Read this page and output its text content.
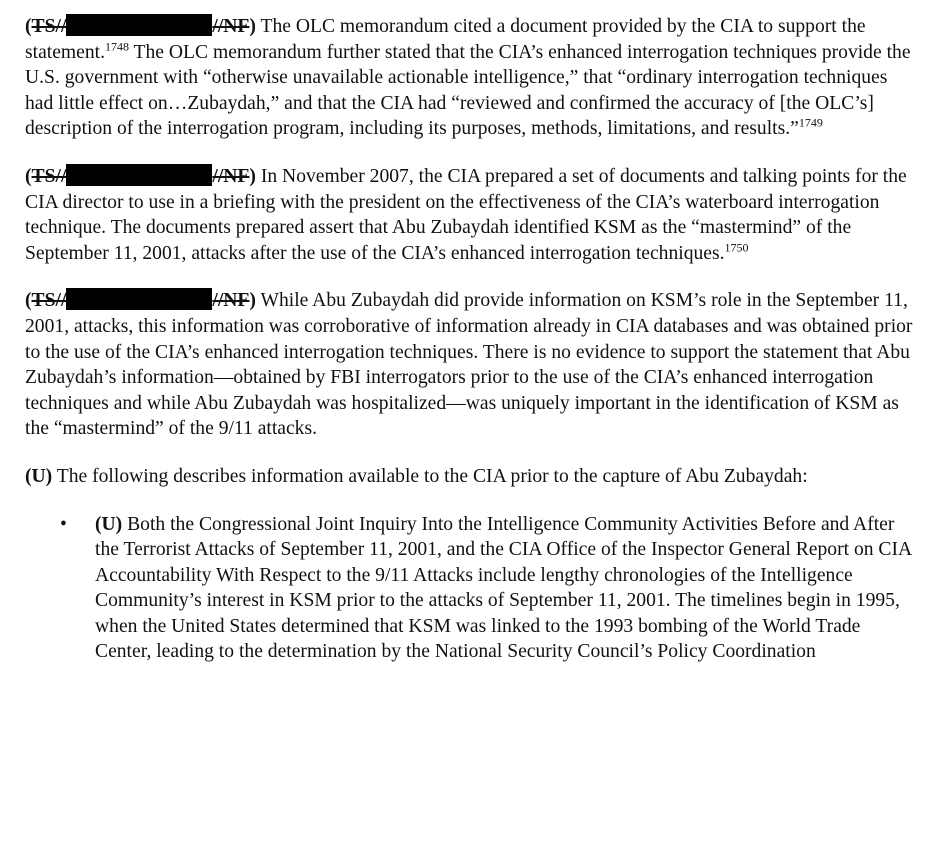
(TS//	//NF) The OLC memorandum cited a document provided by the CIA to support the statement.$^{1748}$ The OLC memorandum further stated that the CIA’s enhanced interrogation techniques provide the U.S. government with “otherwise unavailable actionable intelligence,” that “ordinary interrogation techniques had little effect on…Zubaydah,” and that the CIA had “reviewed and confirmed the accuracy of [the OLC’s] description of the interrogation program, including its purposes, methods, limitations, and results.”$^{1749}$

(TS//	//NF) In November 2007, the CIA prepared a set of documents and talking points for the CIA director to use in a briefing with the president on the effectiveness of the CIA’s waterboard interrogation technique. The documents prepared assert that Abu Zubaydah identified KSM as the “mastermind” of the September 11, 2001, attacks after the use of the CIA’s enhanced interrogation techniques.$^{1750}$

(TS//	//NF) While Abu Zubaydah did provide information on KSM’s role in the September 11, 2001, attacks, this information was corroborative of information already in CIA databases and was obtained prior to the use of the CIA’s enhanced interrogation techniques. There is no evidence to support the statement that Abu Zubaydah’s information—obtained by FBI interrogators prior to the use of the CIA’s enhanced interrogation techniques and while Abu Zubaydah was hospitalized—was uniquely important in the identification of KSM as the “mastermind” of the 9/11 attacks.

(U) The following describes information available to the CIA prior to the capture of Abu Zubaydah:

• (U) Both the Congressional Joint Inquiry Into the Intelligence Community Activities Before and After the Terrorist Attacks of September 11, 2001, and the CIA Office of the Inspector General Report on CIA Accountability With Respect to the 9/11 Attacks include lengthy chronologies of the Intelligence Community’s interest in KSM prior to the attacks of September 11, 2001. The timelines begin in 1995, when the United States determined that KSM was linked to the 1993 bombing of the World Trade Center, leading to the determination by the National Security Council’s Policy Coordination
